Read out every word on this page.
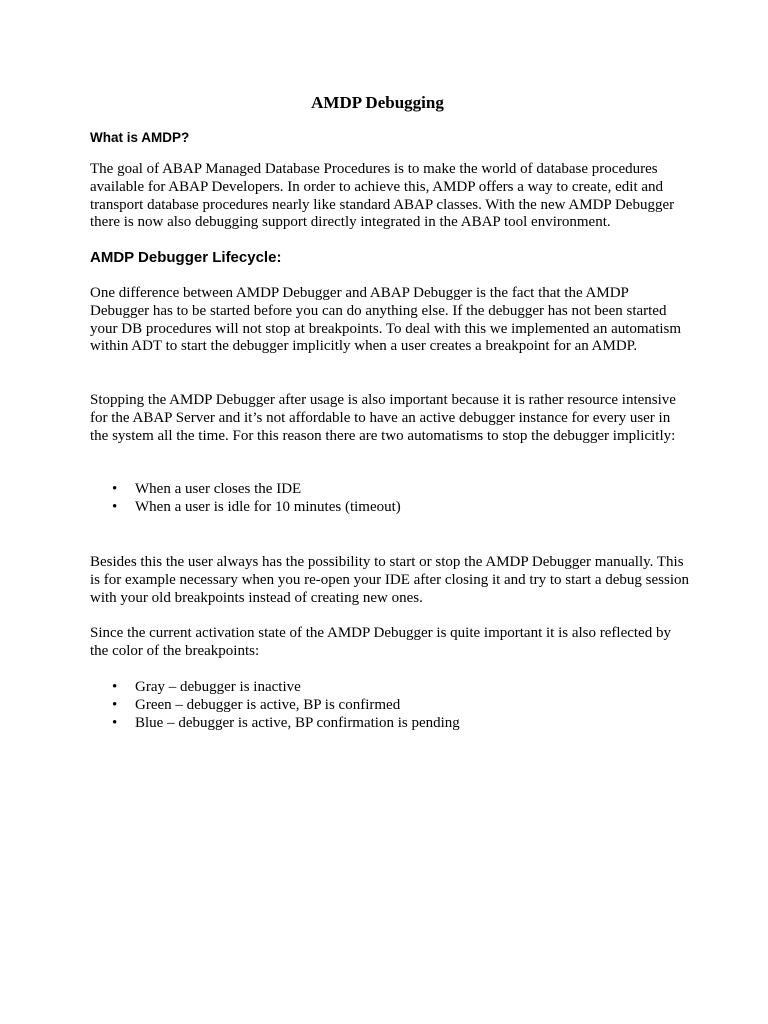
AMDP Debugging
What is AMDP?

The goal of ABAP Managed Database Procedures is to make the world of database procedures available for ABAP Developers. In order to achieve this, AMDP offers a way to create, edit and transport database procedures nearly like standard ABAP classes. With the new AMDP Debugger there is now also debugging support directly integrated in the ABAP tool environment.

AMDP Debugger Lifecycle:

One difference between AMDP Debugger and ABAP Debugger is the fact that the AMDP Debugger has to be started before you can do anything else. If the debugger has not been started your DB procedures will not stop at breakpoints. To deal with this we implemented an automatism within ADT to start the debugger implicitly when a user creates a breakpoint for an AMDP.

Stopping the AMDP Debugger after usage is also important because it is rather resource intensive for the ABAP Server and it’s not affordable to have an active debugger instance for every user in the system all the time. For this reason there are two automatisms to stop the debugger implicitly:

• When a user closes the IDE
• When a user is idle for 10 minutes (timeout)

Besides this the user always has the possibility to start or stop the AMDP Debugger manually. This is for example necessary when you re-open your IDE after closing it and try to start a debug session with your old breakpoints instead of creating new ones.

Since the current activation state of the AMDP Debugger is quite important it is also reflected by the color of the breakpoints:

• Gray – debugger is inactive
• Green – debugger is active, BP is confirmed
• Blue – debugger is active, BP confirmation is pending
